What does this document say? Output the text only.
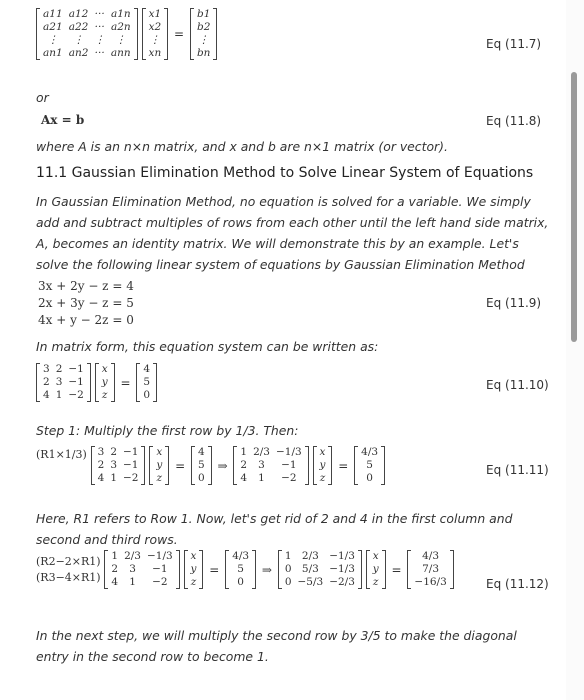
a11	a12	···	a1n
a21	a22	···	a2n
⋮	⋮	⋮	⋮
an1	an2	···	ann

x1
x2
⋮
xn
=
b1
b2
⋮
bn
Eq (11.7)
or
Ax = b	Eq (11.8)
where A is an n×n matrix, and x and b are n×1 matrix (or vector).
11.1 Gaussian Elimination Method to Solve Linear System of Equations
In Gaussian Elimination Method, no equation is solved for a variable. We simply add and subtract multiples of rows from each other until the left hand side matrix, A, becomes an identity matrix. We will demonstrate this by an example. Let's solve the following linear system of equations by Gaussian Elimination Method
3x + 2y − z = 4
2x + 3y − z = 5
4x + y − 2z = 0
Eq (11.9)
In matrix form, this equation system can be written as:
3	2	−1
2	3	−1
4	1	−2

x
y
z
=
4
5
0
Eq (11.10)
Step 1: Multiply the first row by 1/3. Then:
(R1×1/3) 3	2	−1
2	3	−1
4	1	−2

x
y
z
=
4
5
0
⇒
1	2/3	−1/3
2	3	−1
4	1	−2

x
y
z
=
4/3
5
0
Eq (11.11)
Here, R1 refers to Row 1. Now, let's get rid of 2 and 4 in the first column and second and third rows.
(R2−2×R1)
(R3−4×R1)

1	2/3	−1/3
2	3	−1
4	1	−2

x
y
z
=
4/3
5
0
⇒
1	2/3	−1/3
0	5/3	−1/3
0	−5/3	−2/3

x
y
z
=
4/3
7/3
−16/3	Eq (11.12)
In the next step, we will multiply the second row by 3/5 to make the diagonal entry in the second row to become 1.
